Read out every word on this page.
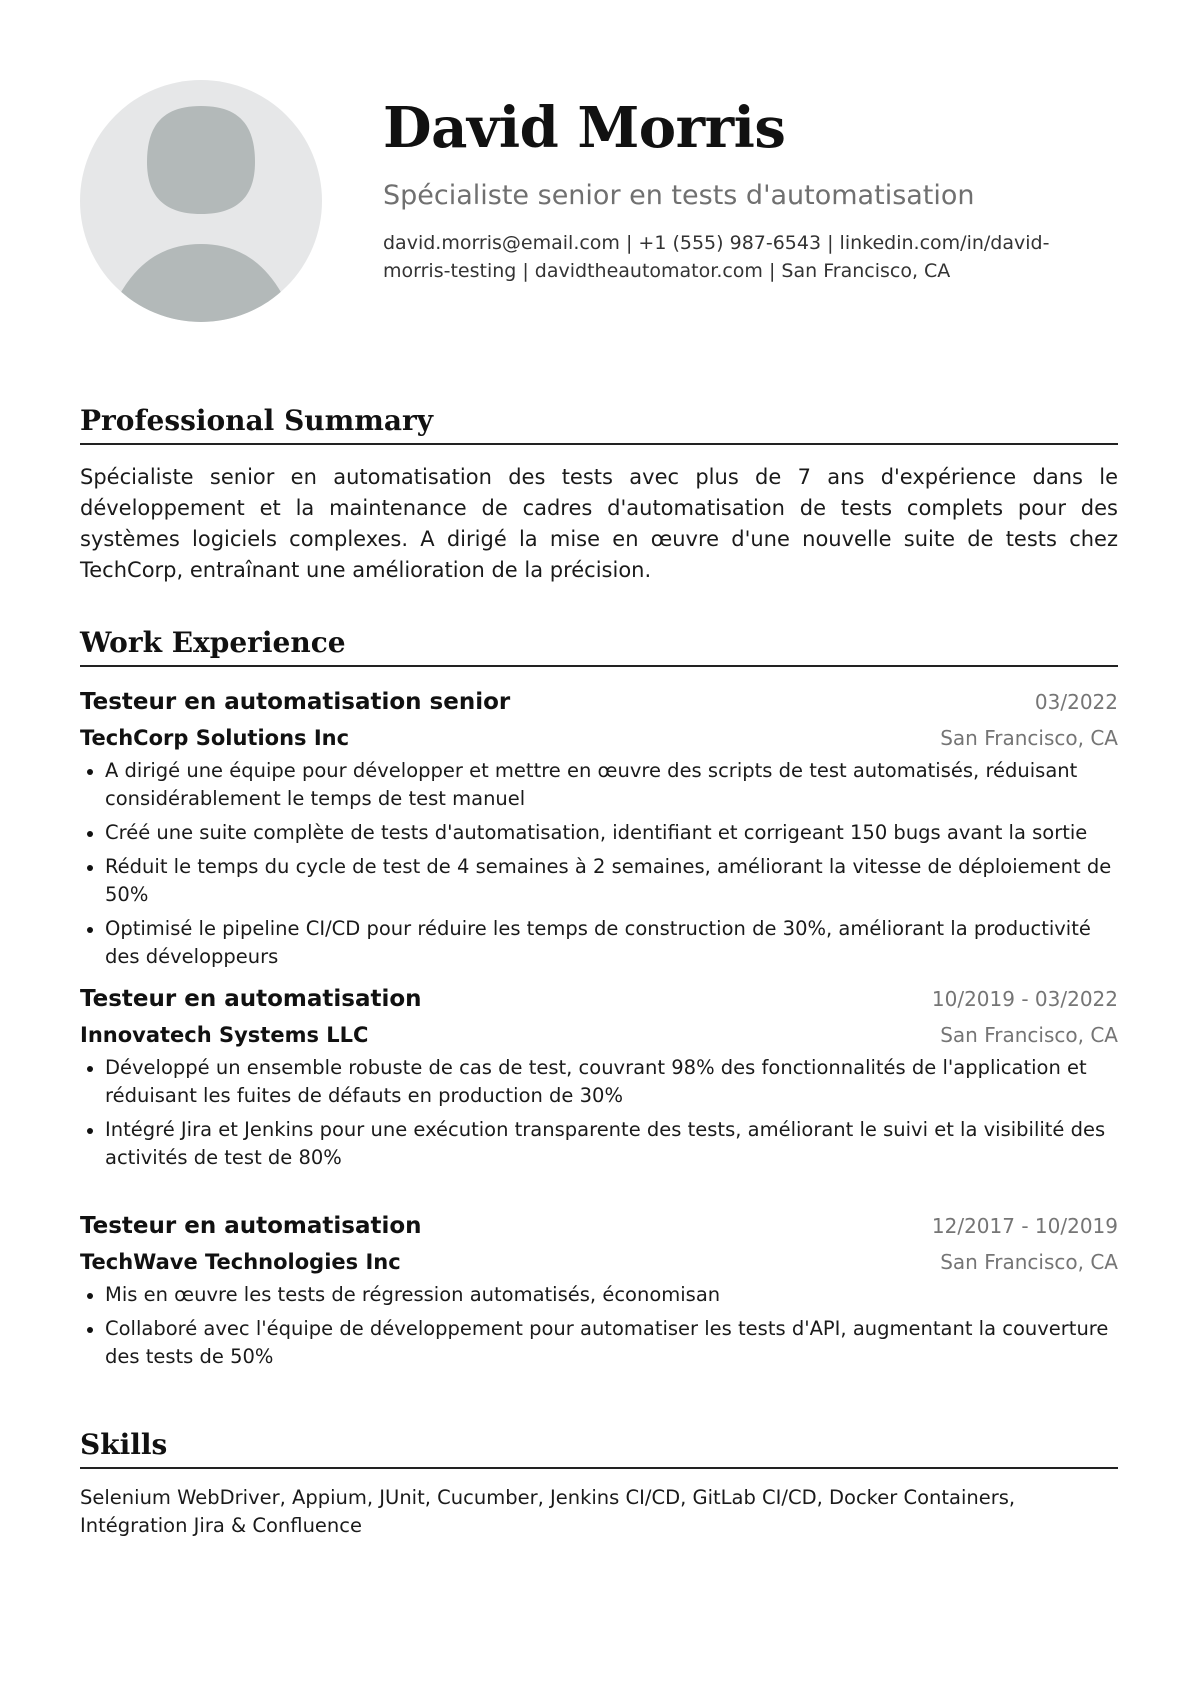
David Morris
Spécialiste senior en tests d'automatisation
david.morris@email.com | +1 (555) 987-6543 | linkedin.com/in/david-morris-testing | davidtheautomator.com | San Francisco, CA
Professional Summary
Spécialiste senior en automatisation des tests avec plus de 7 ans d'expérience dans le développement et la maintenance de cadres d'automatisation de tests complets pour des systèmes logiciels complexes. A dirigé la mise en œuvre d'une nouvelle suite de tests chez TechCorp, entraînant une amélioration de la précision.
Work Experience
Testeur en automatisation senior	03/2022
TechCorp Solutions Inc	San Francisco, CA
A dirigé une équipe pour développer et mettre en œuvre des scripts de test automatisés, réduisant considérablement le temps de test manuel
Créé une suite complète de tests d'automatisation, identifiant et corrigeant 150 bugs avant la sortie
Réduit le temps du cycle de test de 4 semaines à 2 semaines, améliorant la vitesse de déploiement de 50%
Optimisé le pipeline CI/CD pour réduire les temps de construction de 30%, améliorant la productivité des développeurs
Testeur en automatisation	10/2019 - 03/2022
Innovatech Systems LLC	San Francisco, CA
Développé un ensemble robuste de cas de test, couvrant 98% des fonctionnalités de l'application et réduisant les fuites de défauts en production de 30%
Intégré Jira et Jenkins pour une exécution transparente des tests, améliorant le suivi et la visibilité des activités de test de 80%
Testeur en automatisation	12/2017 - 10/2019
TechWave Technologies Inc	San Francisco, CA
Mis en œuvre les tests de régression automatisés, économisan
Collaboré avec l'équipe de développement pour automatiser les tests d'API, augmentant la couverture des tests de 50%
Skills
Selenium WebDriver, Appium, JUnit, Cucumber, Jenkins CI/CD, GitLab CI/CD, Docker Containers, Intégration Jira & Confluence
